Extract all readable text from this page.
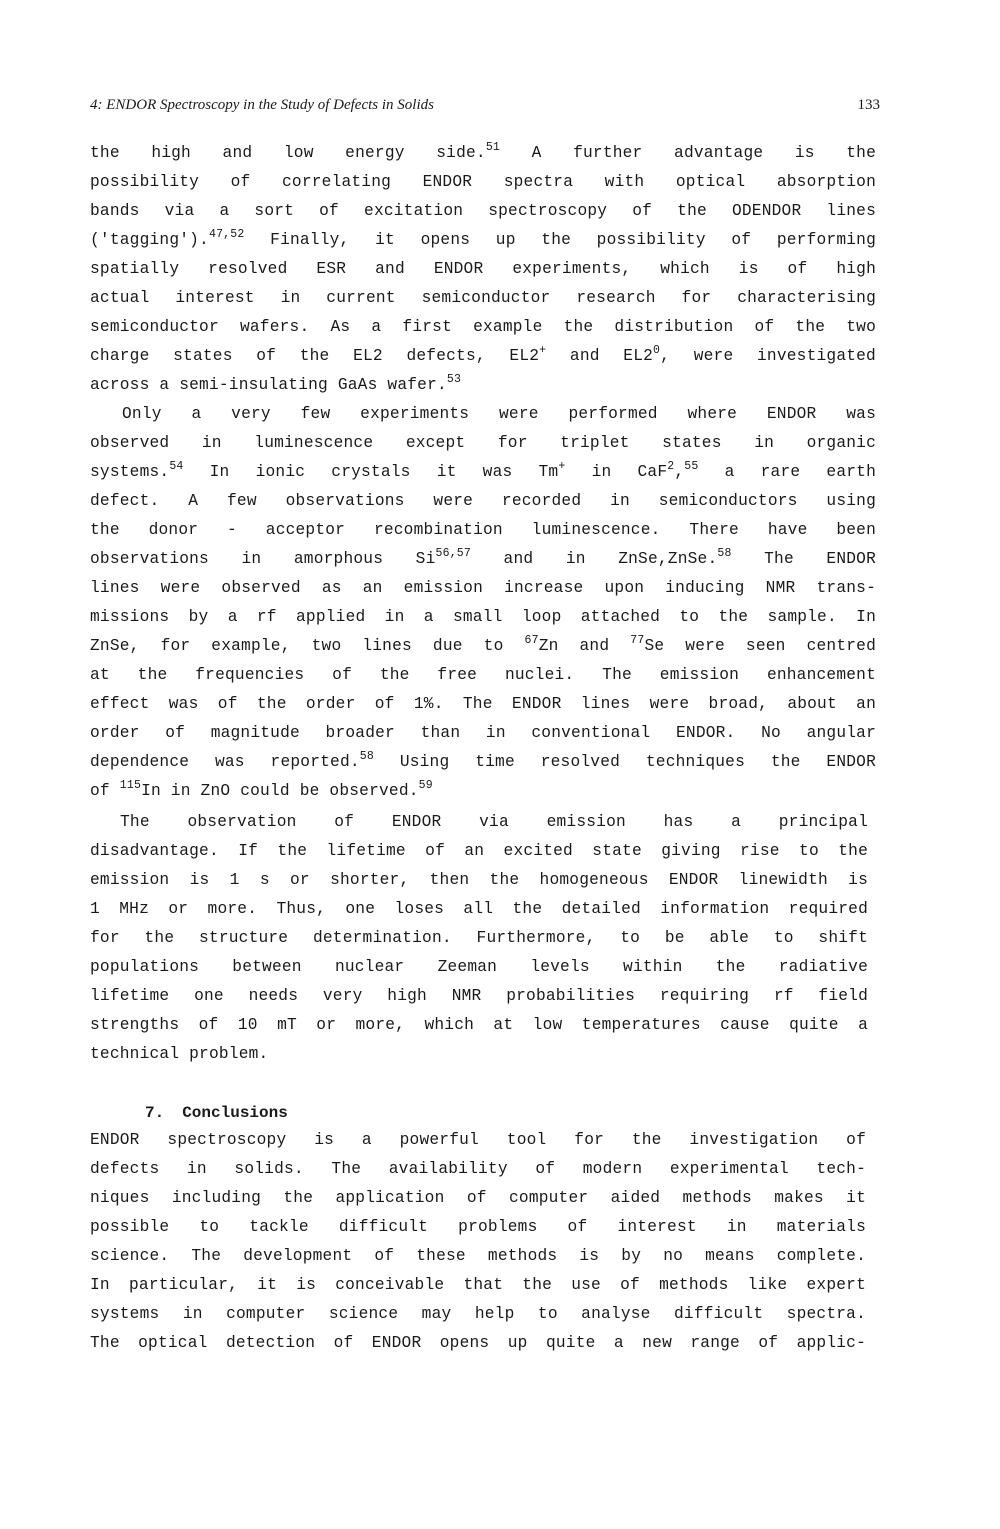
4: ENDOR Spectroscopy in the Study of Defects in Solids	133
the high and low energy side.$^{51}$ A further advantage is the
possibility of correlating ENDOR spectra with optical absorption
bands via a sort of excitation spectroscopy of the ODENDOR lines
('tagging').$^{47,52}$ Finally, it opens up the possibility of performing
spatially resolved ESR and ENDOR experiments, which is of high
actual interest in current semiconductor research for characterising
semiconductor wafers. As a first example the distribution of the two
charge states of the EL2 defects, EL2+ and $EL2^0$, were investigated
across a semi-insulating GaAs wafer.$^{53}$
Only a very few experiments were performed where ENDOR was
observed in luminescence except for triplet states in organic
systems.$^{54}$ In ionic crystals it was Tm+ in CaF$^2$,$^{55}$ a rare earth
defect. A few observations were recorded in semiconductors using
the donor - acceptor recombination luminescence. There have been
observations in amorphous Si$^{56,57}$ and in ZnSe,ZnSe.$^{58}$ The ENDOR
lines were observed as an emission increase upon inducing NMR trans-
missions by a rf applied in a small loop attached to the sample. In
ZnSe, for example, two lines due to $^{67}$Zn and $^{77}$Se were seen centred
at the frequencies of the free nuclei. The emission enhancement
effect was of the order of 1%. The ENDOR lines were broad, about an
order of magnitude broader than in conventional ENDOR. No angular
dependence was reported.$^{58}$ Using time resolved techniques the ENDOR
of $^{115}$In in ZnO could be observed.$^{59}$
The observation of ENDOR via emission has a principal
disadvantage. If the lifetime of an excited state giving rise to the
emission is 1 s or shorter, then the homogeneous ENDOR linewidth is
1 MHz or more. Thus, one loses all the detailed information required
for the structure determination. Furthermore, to be able to shift
populations between nuclear Zeeman levels within the radiative
lifetime one needs very high NMR probabilities requiring rf field
strengths of 10 mT or more, which at low temperatures cause quite a
technical problem.
7. Conclusions
ENDOR spectroscopy is a powerful tool for the investigation of
defects in solids. The availability of modern experimental tech-
niques including the application of computer aided methods makes it
possible to tackle difficult problems of interest in materials
science. The development of these methods is by no means complete.
In particular, it is conceivable that the use of methods like expert
systems in computer science may help to analyse difficult spectra.
The optical detection of ENDOR opens up quite a new range of applic-
